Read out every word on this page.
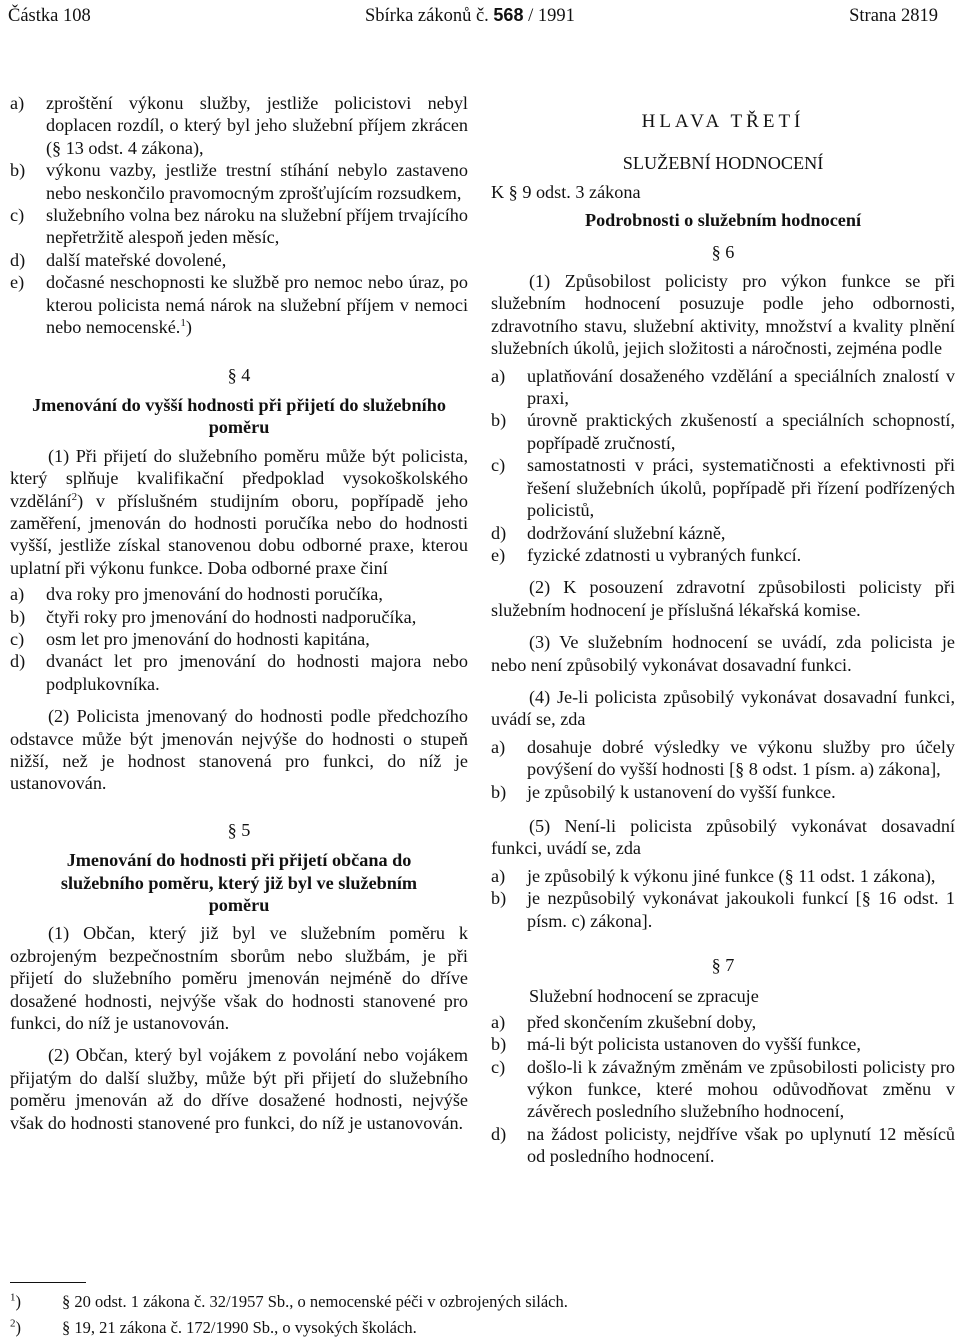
Částka 108	Sbírka zákonů č. 568 / 1991	Strana 2819
a)	zproštění výkonu služby, jestliže policistovi nebyl doplacen rozdíl, o který byl jeho služební příjem zkrácen (§ 13 odst. 4 zákona),
b)	výkonu vazby, jestliže trestní stíhání nebylo zastaveno nebo neskončilo pravomocným zprošťujícím rozsudkem,
c)	služebního volna bez nároku na služební příjem trvajícího nepřetržitě alespoň jeden měsíc,
d)	další mateřské dovolené,
e)	dočasné neschopnosti ke službě pro nemoc nebo úraz, po kterou policista nemá nárok na služební příjem v nemoci nebo nemocenské.$^1$)

§ 4

Jmenování do vyšší hodnosti při přijetí do služebního poměru

(1) Při přijetí do služebního poměru může být policista, který splňuje kvalifikační předpoklad vysokoškolského vzdělání$^2$) v příslušném studijním oboru, popřípadě jeho zaměření, jmenován do hodnosti poručíka nebo do hodnosti vyšší, jestliže získal stanovenou dobu odborné praxe, kterou uplatní při výkonu funkce. Doba odborné praxe činí

a)	dva roky pro jmenování do hodnosti poručíka,
b)	čtyři roky pro jmenování do hodnosti nadporučíka,
c)	osm let pro jmenování do hodnosti kapitána,
d)	dvanáct let pro jmenování do hodnosti majora nebo podplukovníka.

(2) Policista jmenovaný do hodnosti podle předchozího odstavce může být jmenován nejvýše do hodnosti o stupeň nižší, než je hodnost stanovená pro funkci, do níž je ustanovován.

§ 5

Jmenování do hodnosti při přijetí občana do služebního poměru, který již byl ve služebním poměru

(1) Občan, který již byl ve služebním poměru k ozbrojeným bezpečnostním sborům nebo službám, je při přijetí do služebního poměru jmenován nejméně do dříve dosažené hodnosti, nejvýše však do hodnosti stanovené pro funkci, do níž je ustanovován.

(2) Občan, který byl vojákem z povolání nebo vojákem přijatým do další služby, může být při přijetí do služebního poměru jmenován až do dříve dosažené hodnosti, nejvýše však do hodnosti stanovené pro funkci, do níž je ustanovován.

HLAVA TŘETÍ

SLUŽEBNÍ HODNOCENÍ

K § 9 odst. 3 zákona

Podrobnosti o služebním hodnocení

§ 6

(1) Způsobilost policisty pro výkon funkce se při služebním hodnocení posuzuje podle jeho odbornosti, zdravotního stavu, služební aktivity, množství a kvality plnění služebních úkolů, jejich složitosti a náročnosti, zejména podle

a)	uplatňování dosaženého vzdělání a speciálních znalostí v praxi,
b)	úrovně praktických zkušeností a speciálních schopností, popřípadě zručností,
c)	samostatnosti v práci, systematičnosti a efektivnosti při řešení služebních úkolů, popřípadě při řízení podřízených policistů,
d)	dodržování služební kázně,
e)	fyzické zdatnosti u vybraných funkcí.

(2) K posouzení zdravotní způsobilosti policisty při služebním hodnocení je příslušná lékařská komise.

(3) Ve služebním hodnocení se uvádí, zda policista je nebo není způsobilý vykonávat dosavadní funkci.

(4) Je-li policista způsobilý vykonávat dosavadní funkci, uvádí se, zda

a)	dosahuje dobré výsledky ve výkonu služby pro účely povýšení do vyšší hodnosti [§ 8 odst. 1 písm. a) zákona],
b)	je způsobilý k ustanovení do vyšší funkce.

(5) Není-li policista způsobilý vykonávat dosavadní funkci, uvádí se, zda

a)	je způsobilý k výkonu jiné funkce (§ 11 odst. 1 zákona),
b)	je nezpůsobilý vykonávat jakoukoli funkcí [§ 16 odst. 1 písm. c) zákona].

§ 7

Služební hodnocení se zpracuje

a)	před skončením zkušební doby,
b)	má-li být policista ustanoven do vyšší funkce,
c)	došlo-li k závažným změnám ve způsobilosti policisty pro výkon funkce, které mohou odůvodňovat změnu v závěrech posledního služebního hodnocení,
d)	na žádost policisty, nejdříve však po uplynutí 12 měsíců od posledního hodnocení.
$^1$)	§ 20 odst. 1 zákona č. 32/1957 Sb., o nemocenské péči v ozbrojených silách.
$^2$)	§ 19, 21 zákona č. 172/1990 Sb., o vysokých školách.
